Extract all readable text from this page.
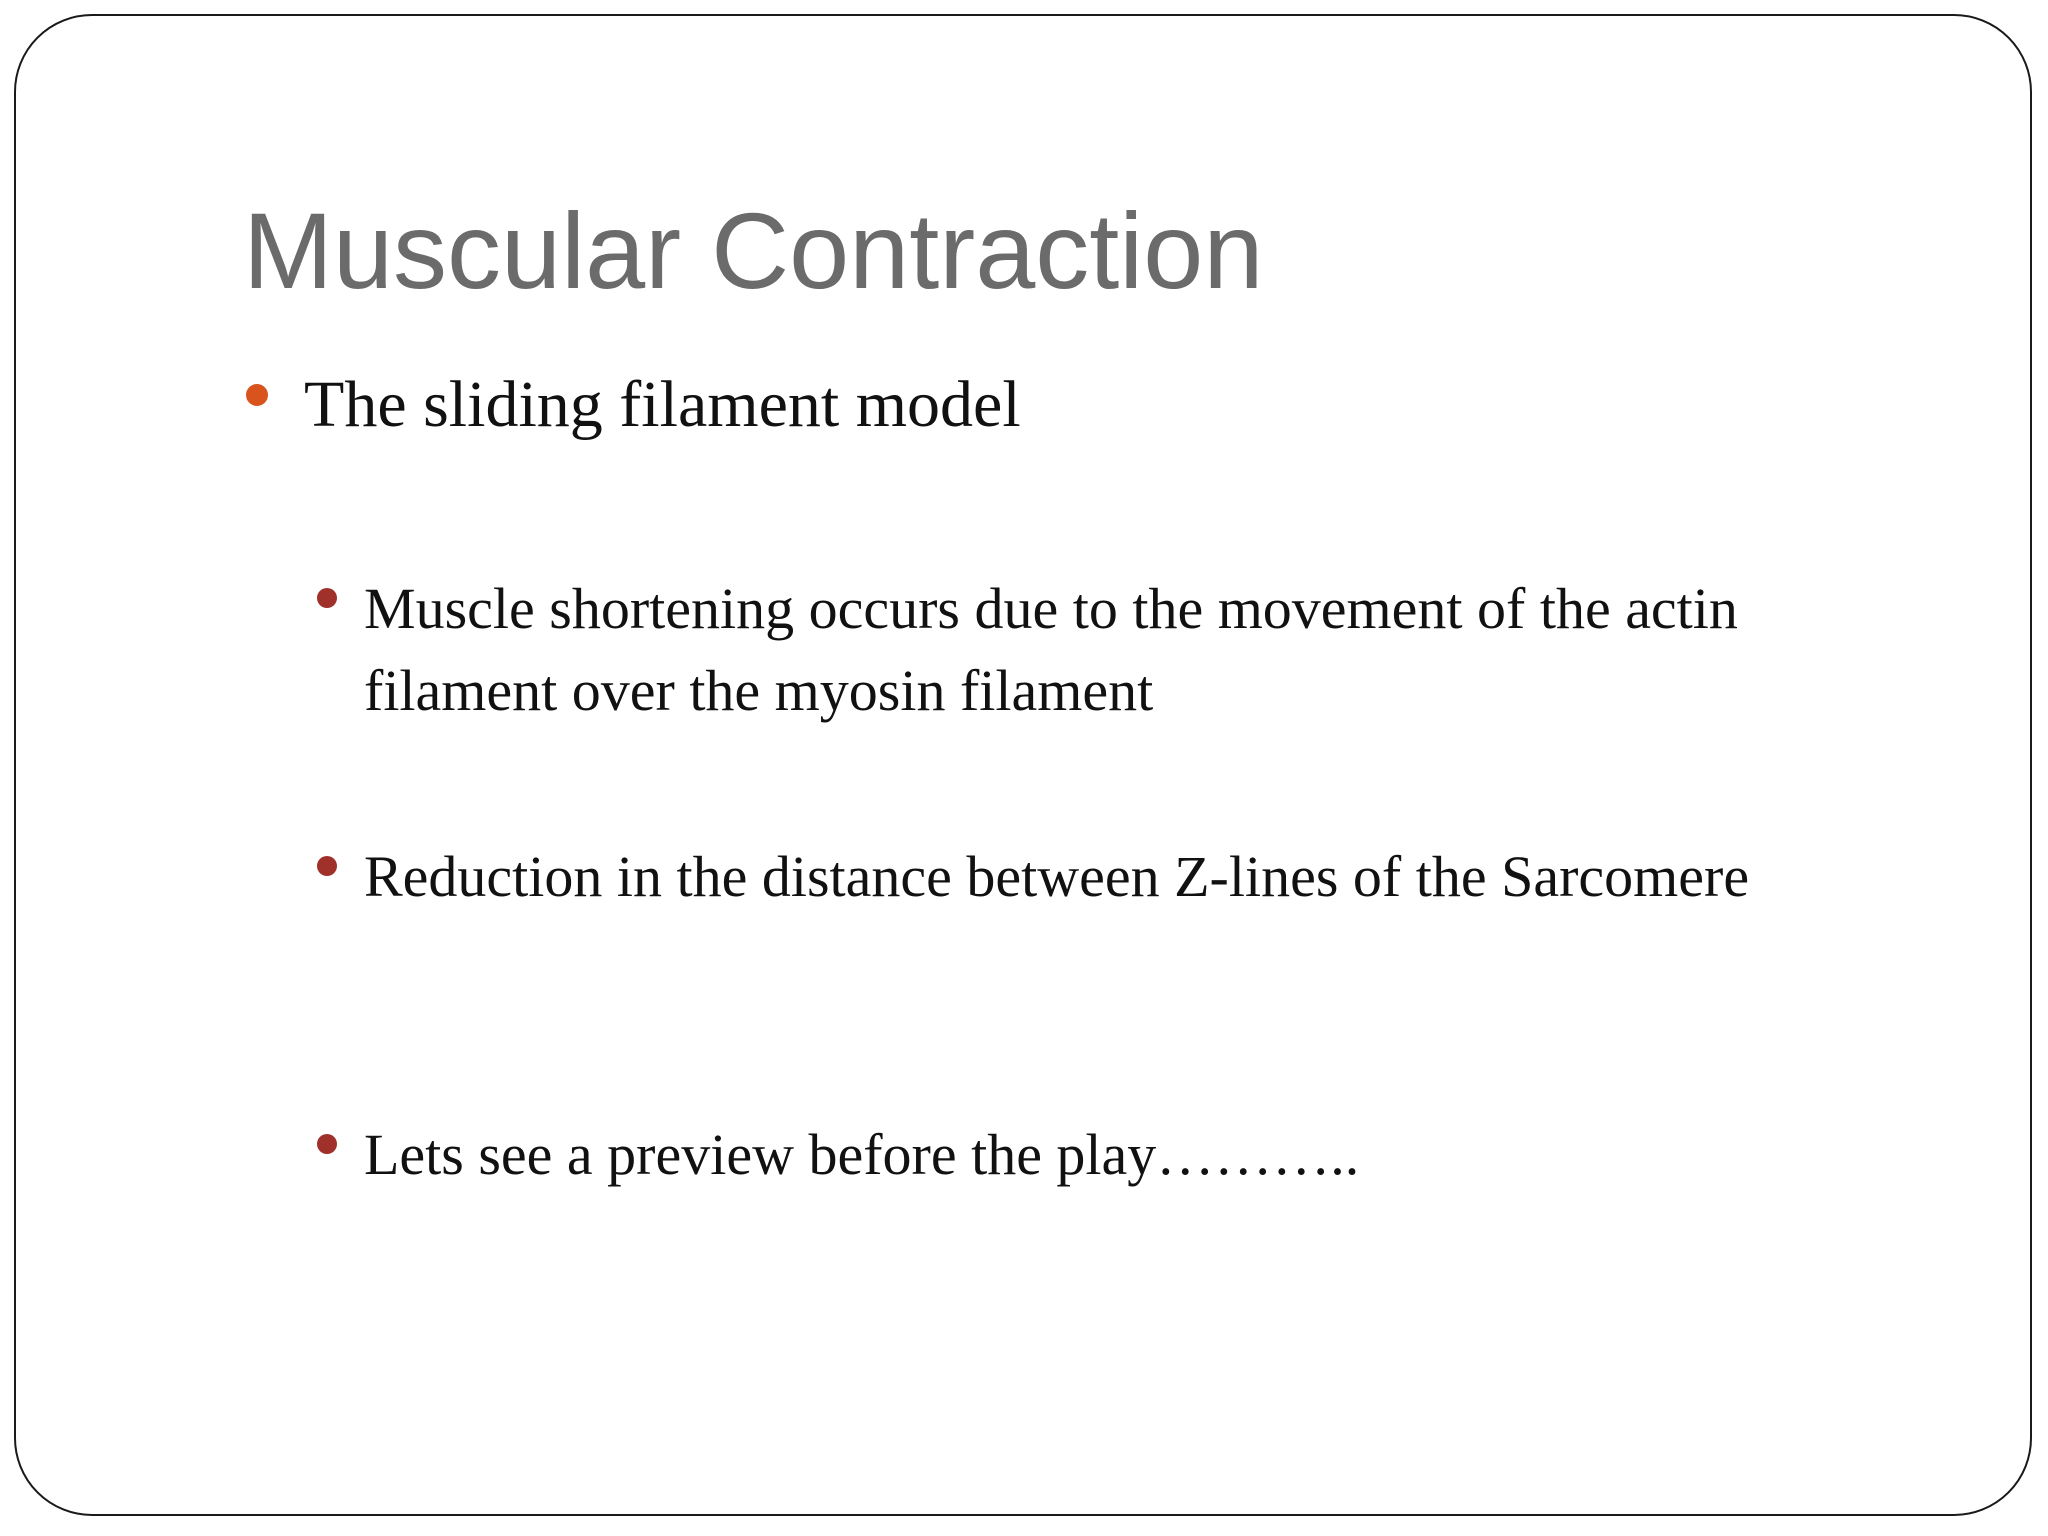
Muscular Contraction
The sliding filament model
Muscle shortening occurs due to the movement of the actin filament over the myosin filament
Reduction in the distance between Z-lines of the Sarcomere
Lets see a preview before the play………..
